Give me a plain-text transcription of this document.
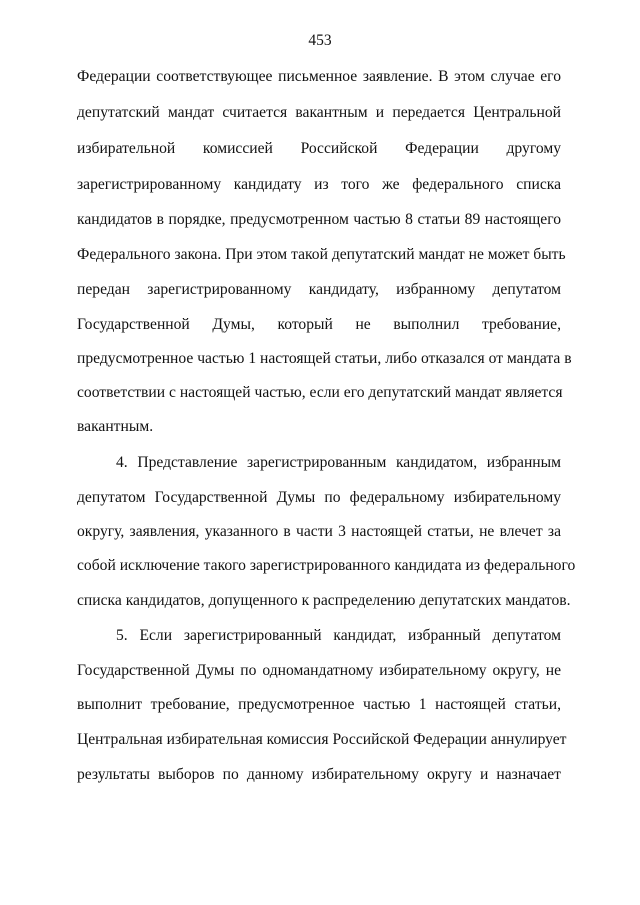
453
Федерации соответствующее письменное заявление. В этом случае его
депутатский мандат считается вакантным и передается Центральной
избирательной комиссией Российской Федерации другому
зарегистрированному кандидату из того же федерального списка
кандидатов в порядке, предусмотренном частью 8 статьи 89 настоящего
Федерального закона. При этом такой депутатский мандат не может быть
передан зарегистрированному кандидату, избранному депутатом
Государственной Думы, который не выполнил требование,
предусмотренное частью 1 настоящей статьи, либо отказался от мандата в
соответствии с настоящей частью, если его депутатский мандат является
вакантным.
4. Представление зарегистрированным кандидатом, избранным
депутатом Государственной Думы по федеральному избирательному
округу, заявления, указанного в части 3 настоящей статьи, не влечет за
собой исключение такого зарегистрированного кандидата из федерального
списка кандидатов, допущенного к распределению депутатских мандатов.
5. Если зарегистрированный кандидат, избранный депутатом
Государственной Думы по одномандатному избирательному округу, не
выполнит требование, предусмотренное частью 1 настоящей статьи,
Центральная избирательная комиссия Российской Федерации аннулирует
результаты выборов по данному избирательному округу и назначает
